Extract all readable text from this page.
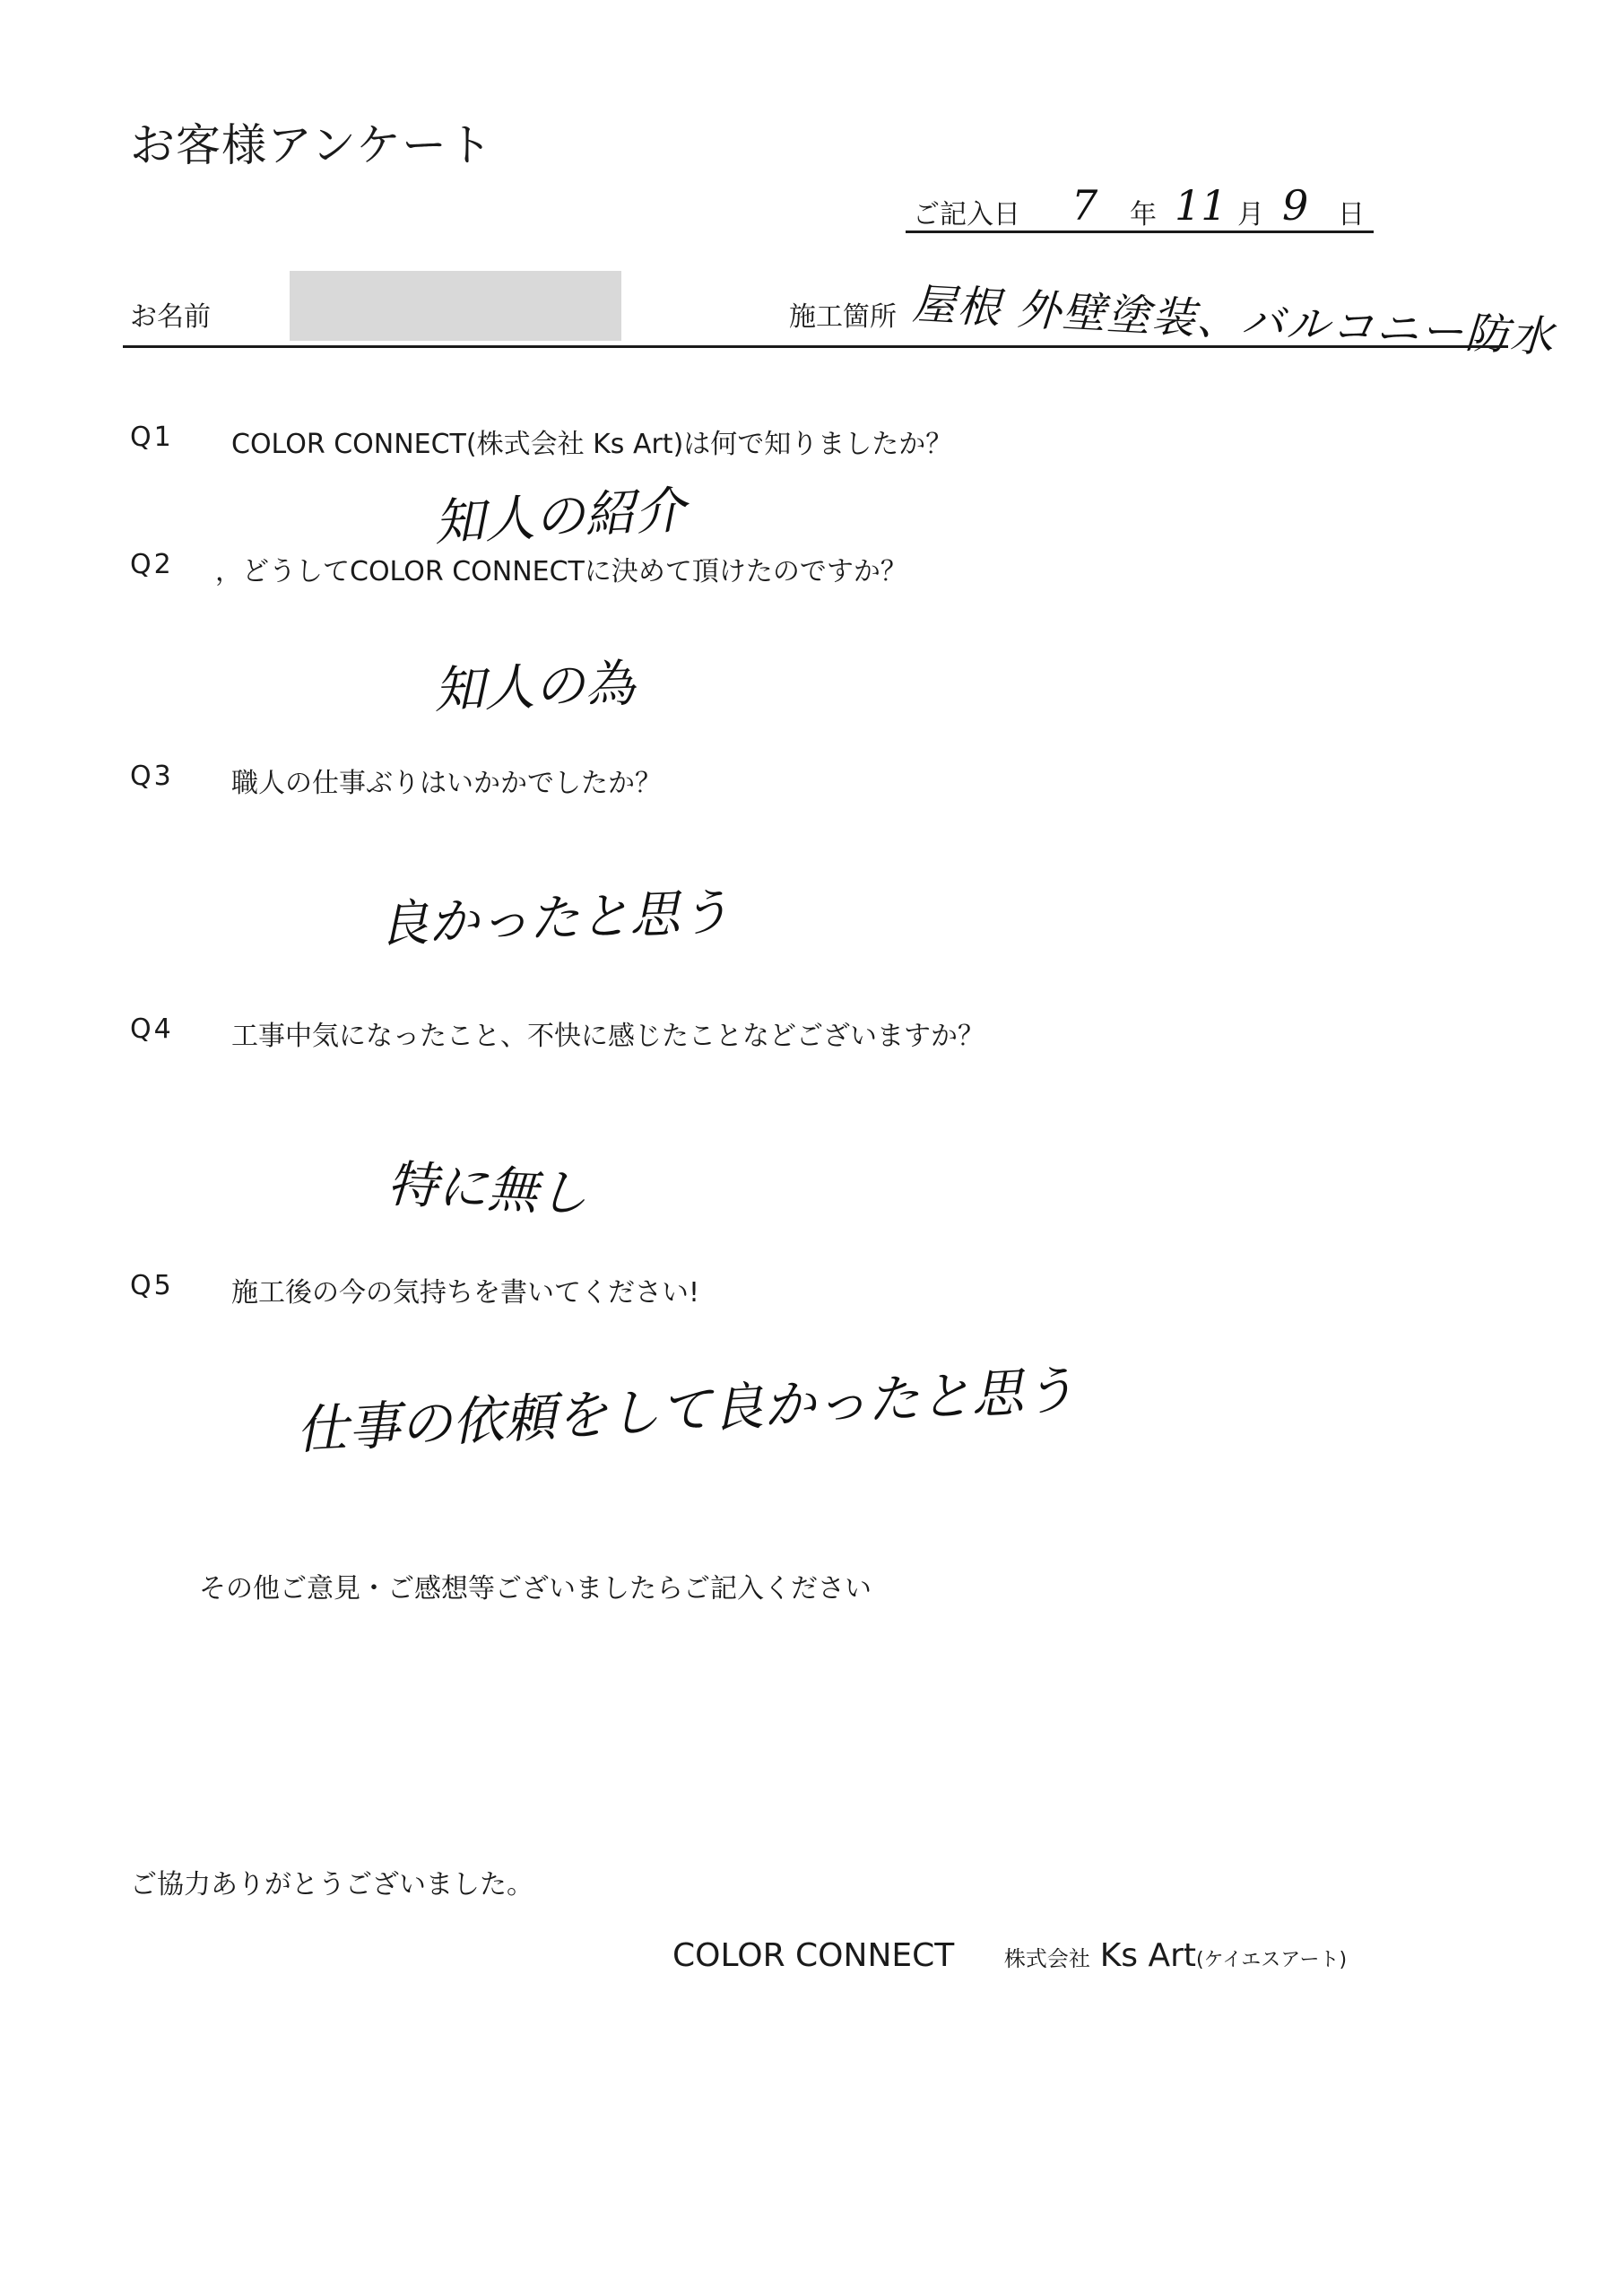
お客様アンケート
ご記入日 7 年 11 月 9 日
お名前	施工箇所 屋根 外壁塗装、バルコニー防水
Q1 COLOR CONNECT(株式会社 Ks Art)は何で知りましたか？
知人の紹介
Q2 ，どうしてCOLOR CONNECTに決めて頂けたのですか？
知人の為
Q3 職人の仕事ぶりはいかかでしたか？
良かったと思う
Q4 工事中気になったこと、不快に感じたことなどございますか？
特に無し
Q5 施工後の今の気持ちを書いてください!
仕事の依頼をして良かったと思う
その他ご意見・ご感想等ございましたらご記入ください
ご協力ありがとうございました。
COLOR CONNECT 株式会社 Ks Art(ケイエスアート)
